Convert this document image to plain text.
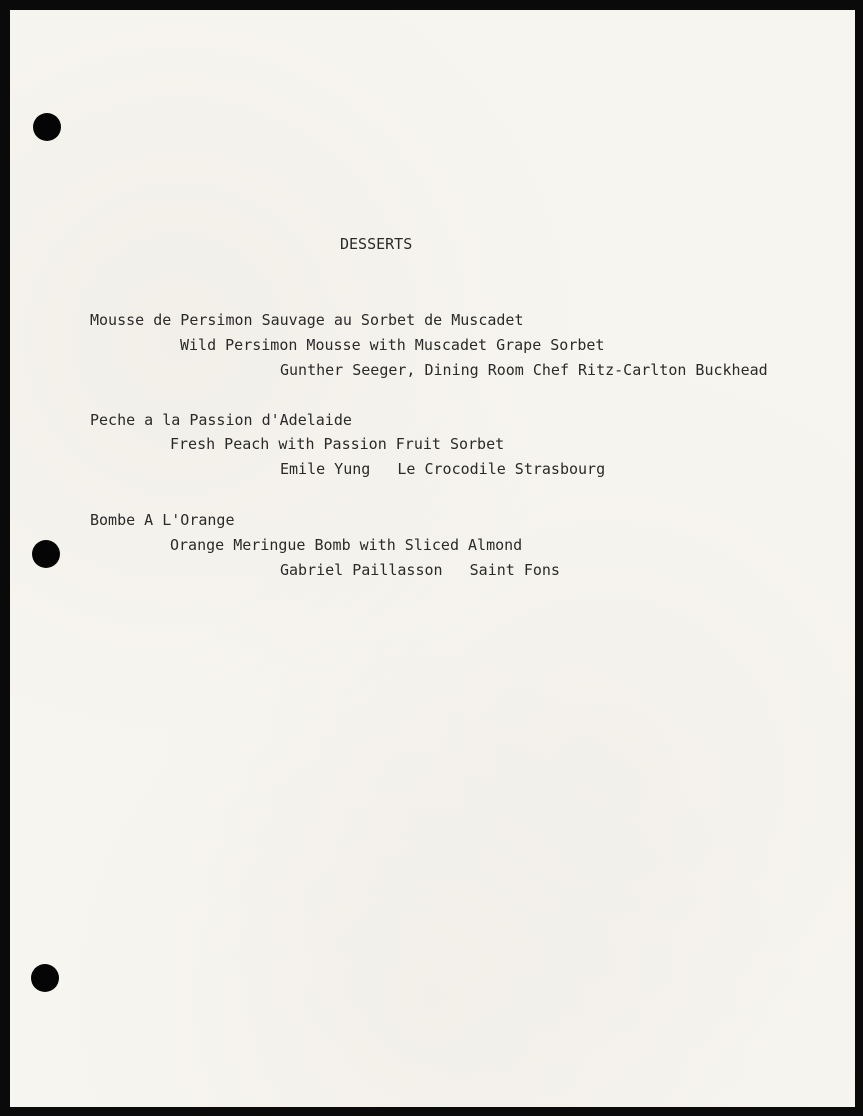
DESSERTS
Mousse de Persimon Sauvage au Sorbet de Muscadet
Wild Persimon Mousse with Muscadet Grape Sorbet
Gunther Seeger, Dining Room Chef Ritz-Carlton Buckhead
Peche a la Passion d'Adelaide
Fresh Peach with Passion Fruit Sorbet
Emile Yung   Le Crocodile Strasbourg
Bombe A L'Orange
Orange Meringue Bomb with Sliced Almond
Gabriel Paillasson   Saint Fons
